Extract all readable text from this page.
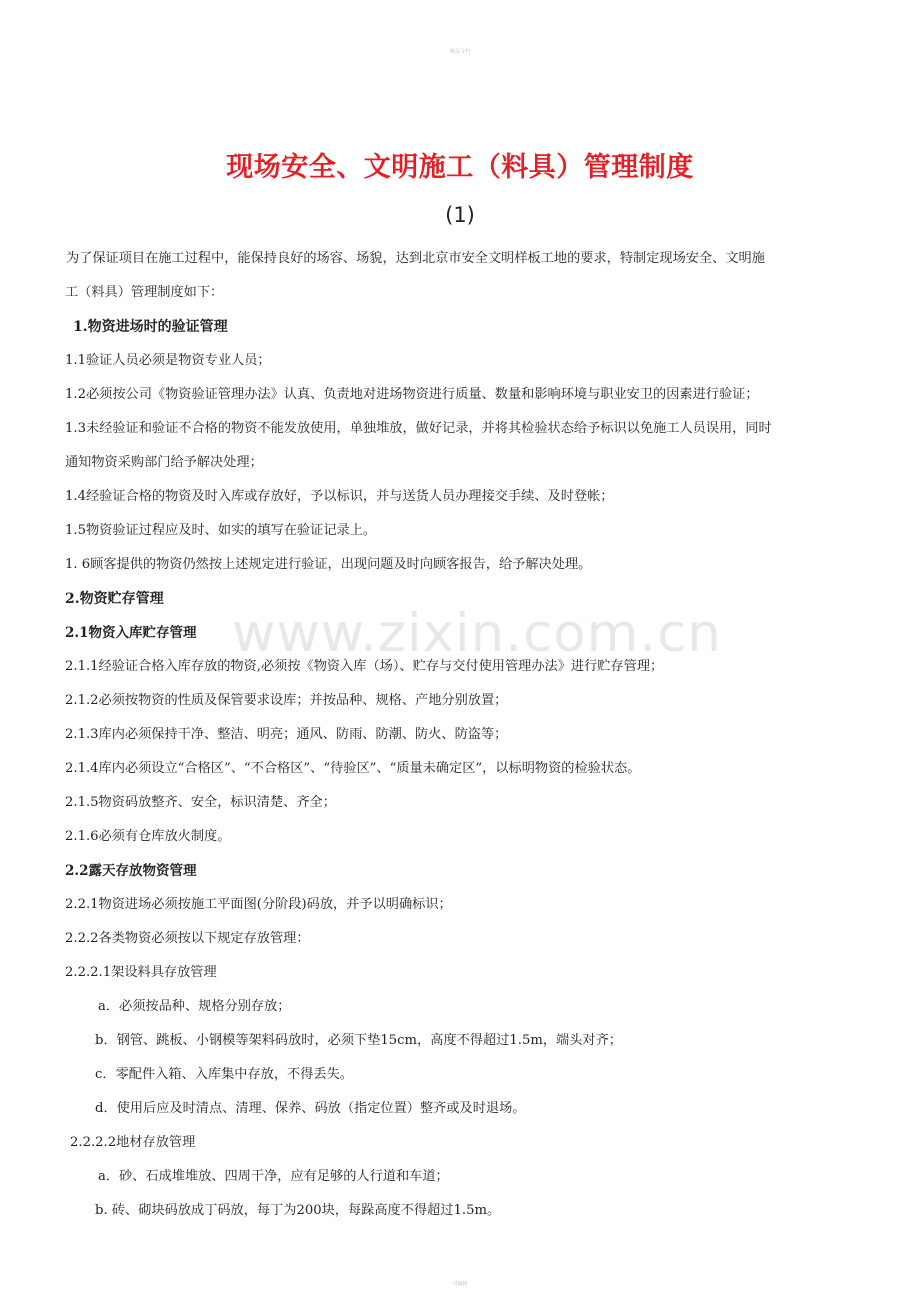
精品文档
现场安全、文明施工（料具）管理制度
(1)
为了保证项目在施工过程中，能保持良好的场容、场貌，达到北京市安全文明样板工地的要求，特制定现场安全、文明施
工（料具）管理制度如下：
1.物资进场时的验证管理
1.1验证人员必须是物资专业人员；
1.2必须按公司《物资验证管理办法》认真、负责地对进场物资进行质量、数量和影响环境与职业安卫的因素进行验证；
1.3未经验证和验证不合格的物资不能发放使用，单独堆放，做好记录，并将其检验状态给予标识以免施工人员误用，同时
通知物资采购部门给予解决处理；
1.4经验证合格的物资及时入库或存放好，予以标识，并与送货人员办理接交手续、及时登帐；
1.5物资验证过程应及时、如实的填写在验证记录上。
1. 6顾客提供的物资仍然按上述规定进行验证，出现问题及时向顾客报告，给予解决处理。
2.物资贮存管理
www.zixin.com.cn
2.1物资入库贮存管理
2.1.1经验证合格入库存放的物资,必须按《物资入库（场）、贮存与交付使用管理办法》进行贮存管理；
2.1.2必须按物资的性质及保管要求设库；并按品种、规格、产地分别放置；
2.1.3库内必须保持干净、整洁、明亮；通风、防雨、防潮、防火、防盗等；
2.1.4库内必须设立“合格区”、“不合格区”、“待验区”、“质量未确定区”，以标明物资的检验状态。
2.1.5物资码放整齐、安全，标识清楚、齐全；
2.1.6必须有仓库放火制度。
2.2露天存放物资管理
2.2.1物资进场必须按施工平面图(分阶段)码放，并予以明确标识；
2.2.2各类物资必须按以下规定存放管理：
2.2.2.1架设料具存放管理
a．必须按品种、规格分别存放；
b．钢管、跳板、小钢模等架料码放时，必须下垫15cm，高度不得超过1.5m，端头对齐；
c．零配件入箱、入库集中存放，不得丢失。
d．使用后应及时清点、清理、保养、码放（指定位置）整齐或及时退场。
2.2.2.2地材存放管理
a．砂、石成堆堆放、四周干净，应有足够的人行道和车道；
b. 砖、砌块码放成丁码放，每丁为200块，每跺高度不得超过1.5m。
可编辑
